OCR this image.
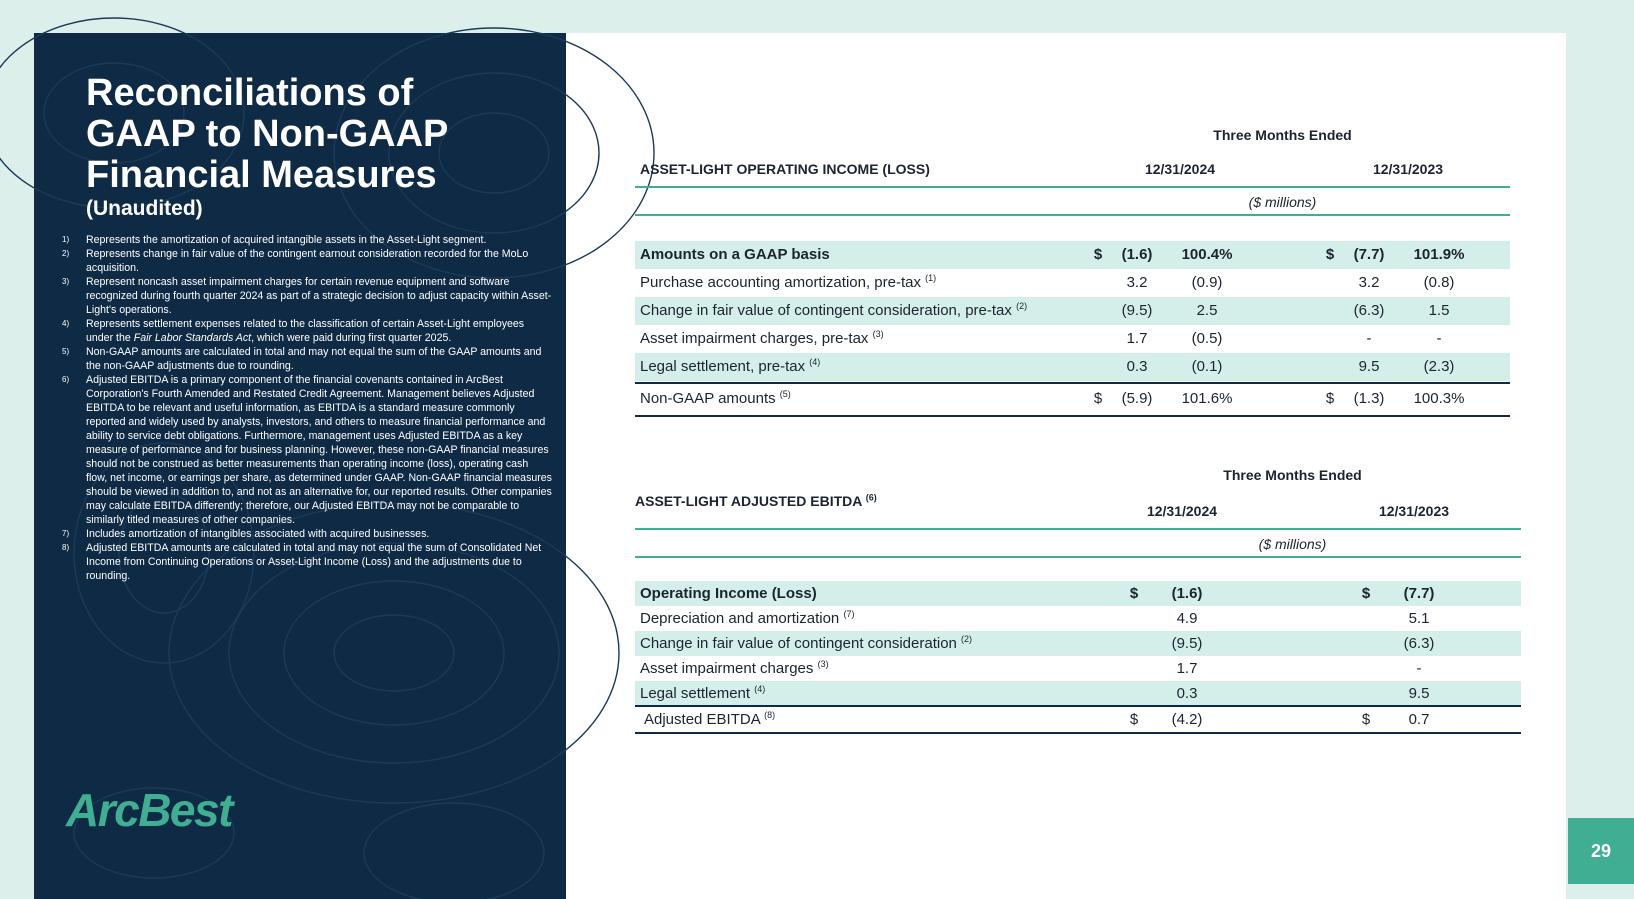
Reconciliations of
GAAP to Non-GAAP
Financial Measures
(Unaudited)
1)	Represents the amortization of acquired intangible assets in the Asset-Light segment.
2)	Represents change in fair value of the contingent earnout consideration recorded for the MoLo acquisition.
3)	Represent noncash asset impairment charges for certain revenue equipment and software recognized during fourth quarter 2024 as part of a strategic decision to adjust capacity within Asset-Light's operations.
4)	Represents settlement expenses related to the classification of certain Asset-Light employees under the Fair Labor Standards Act, which were paid during first quarter 2025.
5)	Non-GAAP amounts are calculated in total and may not equal the sum of the GAAP amounts and the non-GAAP adjustments due to rounding.
6)	Adjusted EBITDA is a primary component of the financial covenants contained in ArcBest Corporation's Fourth Amended and Restated Credit Agreement. Management believes Adjusted EBITDA to be relevant and useful information, as EBITDA is a standard measure commonly reported and widely used by analysts, investors, and others to measure financial performance and ability to service debt obligations. Furthermore, management uses Adjusted EBITDA as a key measure of performance and for business planning. However, these non-GAAP financial measures should not be construed as better measurements than operating income (loss), operating cash flow, net income, or earnings per share, as determined under GAAP. Non-GAAP financial measures should be viewed in addition to, and not as an alternative for, our reported results. Other companies may calculate EBITDA differently; therefore, our Adjusted EBITDA may not be comparable to similarly titled measures of other companies.
7)	Includes amortization of intangibles associated with acquired businesses.
8)	Adjusted EBITDA amounts are calculated in total and may not equal the sum of Consolidated Net Income from Continuing Operations or Asset-Light Income (Loss) and the adjustments due to rounding.
ArcBest
Three Months Ended
ASSET-LIGHT OPERATING INCOME (LOSS)	12/31/2024	12/31/2023
($ millions)
Amounts on a GAAP basis	$	(1.6)	100.4%	$	(7.7)	101.9%
Purchase accounting amortization, pre-tax $^{(1)}$	3.2	(0.9)	3.2	(0.8)
Change in fair value of contingent consideration, pre-tax $^{(2)}$	(9.5)	2.5	(6.3)	1.5
Asset impairment charges, pre-tax $^{(3)}$	1.7	(0.5)	-	-
Legal settlement, pre-tax $^{(4)}$	0.3	(0.1)	9.5	(2.3)
Non-GAAP amounts $^{(5)}$	$	(5.9)	101.6%	$	(1.3)	100.3%
Three Months Ended
ASSET-LIGHT ADJUSTED EBITDA $^{(6)}$
12/31/2024	12/31/2023
($ millions)
Operating Income (Loss)	$	(1.6)	$	(7.7)
Depreciation and amortization $^{(7)}$	4.9	5.1
Change in fair value of contingent consideration $^{(2)}$	(9.5)	(6.3)
Asset impairment charges $^{(3)}$	1.7	-
Legal settlement $^{(4)}$	0.3	9.5
Adjusted EBITDA $^{(8)}$	$	(4.2)	$	0.7
29
